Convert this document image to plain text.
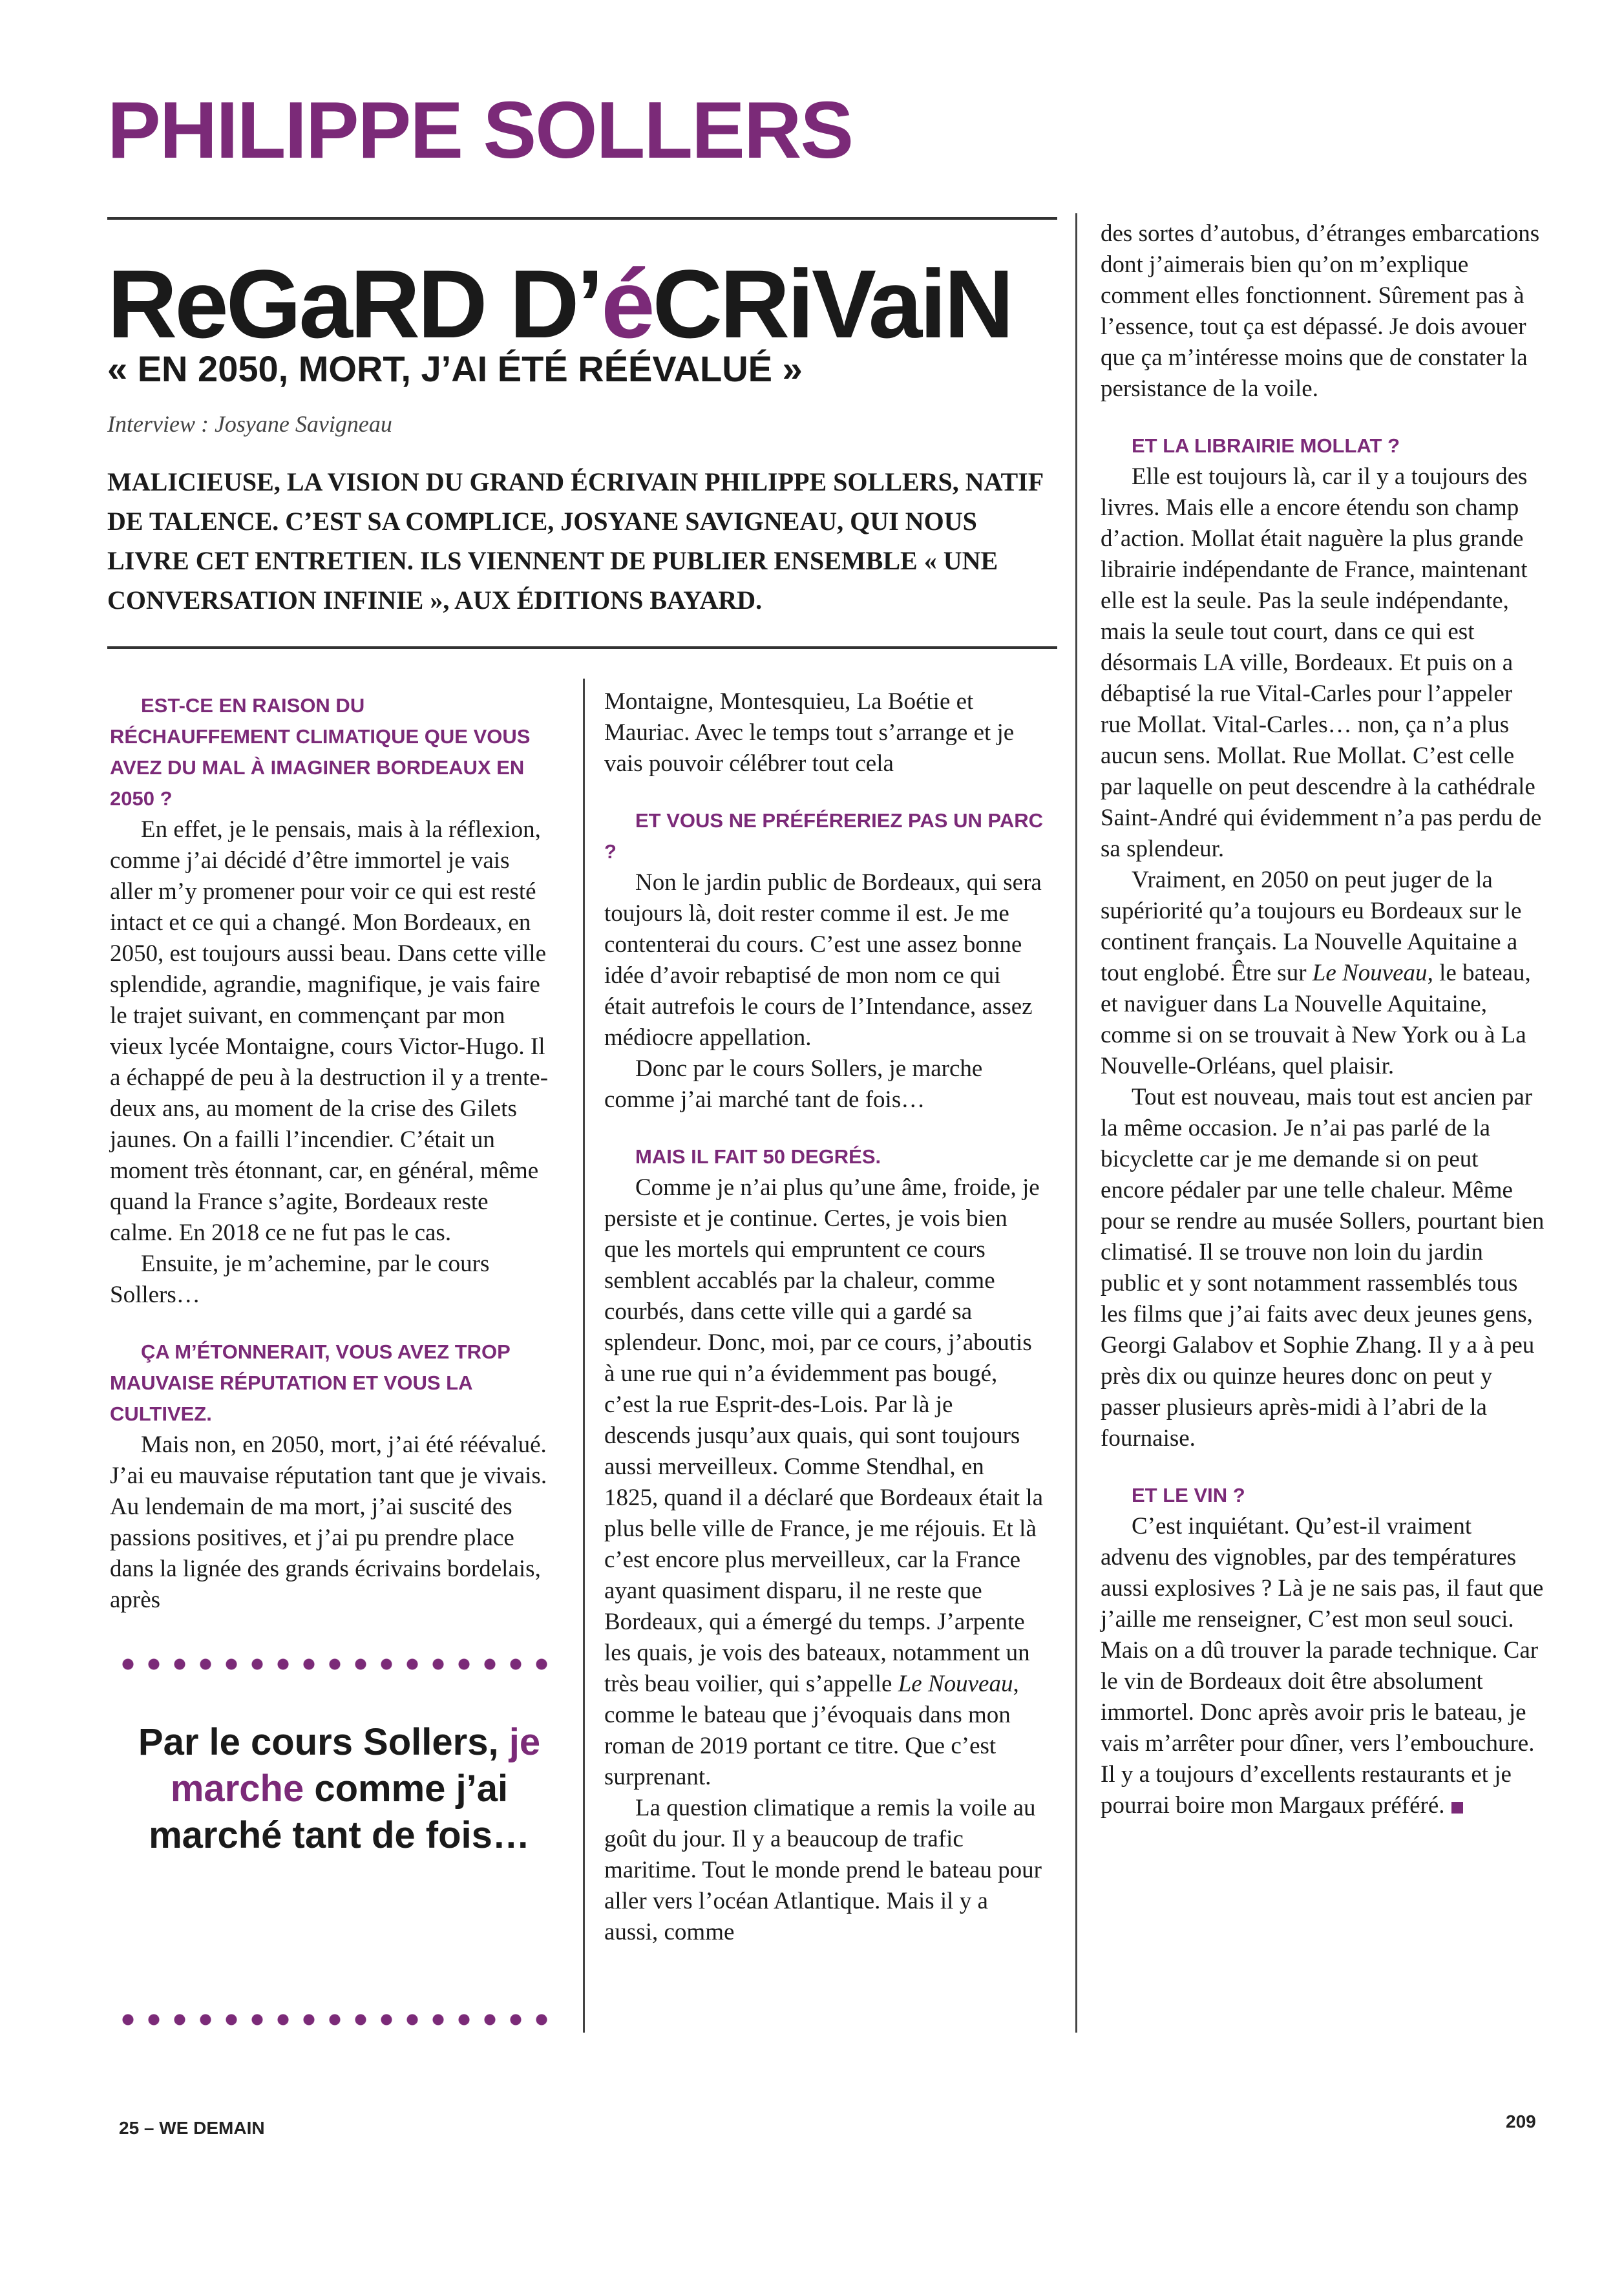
PHILIPPE SOLLERS
ReGaRD D’éCRiVaiN
« EN 2050, MORT, J’AI ÉTÉ RÉÉVALUÉ »
Interview : Josyane Savigneau
MALICIEUSE, LA VISION DU GRAND ÉCRIVAIN PHILIPPE SOLLERS, NATIF DE TALENCE. C’EST SA COMPLICE, JOSYANE SAVIGNEAU, QUI NOUS LIVRE CET ENTRETIEN. ILS VIENNENT DE PUBLIER ENSEMBLE « UNE CONVERSATION INFINIE », AUX ÉDITIONS BAYARD.

EST-CE EN RAISON DU RÉCHAUFFEMENT CLIMATIQUE QUE VOUS AVEZ DU MAL À IMAGINER BORDEAUX EN 2050 ?

En effet, je le pensais, mais à la réflexion, comme j’ai décidé d’être immortel je vais aller m’y promener pour voir ce qui est resté intact et ce qui a changé. Mon Bordeaux, en 2050, est toujours aussi beau. Dans cette ville splendide, agrandie, magnifique, je vais faire le trajet suivant, en commençant par mon vieux lycée Montaigne, cours Victor-Hugo. Il a échappé de peu à la destruction il y a trente-deux ans, au moment de la crise des Gilets jaunes. On a failli l’incendier. C’était un moment très étonnant, car, en général, même quand la France s’agite, Bordeaux reste calme. En 2018 ce ne fut pas le cas.

Ensuite, je m’achemine, par le cours Sollers…

ÇA M’ÉTONNERAIT, VOUS AVEZ TROP MAUVAISE RÉPUTATION ET VOUS LA CULTIVEZ.

Mais non, en 2050, mort, j’ai été réévalué. J’ai eu mauvaise réputation tant que je vivais. Au lendemain de ma mort, j’ai suscité des passions positives, et j’ai pu prendre place dans la lignée des grands écrivains bordelais, après

Par le cours Sollers, je marche comme j’ai marché tant de fois…

Montaigne, Montesquieu, La Boétie et Mauriac. Avec le temps tout s’arrange et je vais pouvoir célébrer tout cela

ET VOUS NE PRÉFÉRERIEZ PAS UN PARC ?

Non le jardin public de Bordeaux, qui sera toujours là, doit rester comme il est. Je me contenterai du cours. C’est une assez bonne idée d’avoir rebaptisé de mon nom ce qui était autrefois le cours de l’Intendance, assez médiocre appellation.

Donc par le cours Sollers, je marche comme j’ai marché tant de fois…

MAIS IL FAIT 50 DEGRÉS.

Comme je n’ai plus qu’une âme, froide, je persiste et je continue. Certes, je vois bien que les mortels qui empruntent ce cours semblent accablés par la chaleur, comme courbés, dans cette ville qui a gardé sa splendeur. Donc, moi, par ce cours, j’aboutis à une rue qui n’a évidemment pas bougé, c’est la rue Esprit-des-Lois. Par là je descends jusqu’aux quais, qui sont toujours aussi merveilleux. Comme Stendhal, en 1825, quand il a déclaré que Bordeaux était la plus belle ville de France, je me réjouis. Et là c’est encore plus merveilleux, car la France ayant quasiment disparu, il ne reste que Bordeaux, qui a émergé du temps. J’arpente les quais, je vois des bateaux, notamment un très beau voilier, qui s’appelle Le Nouveau, comme le bateau que j’évoquais dans mon roman de 2019 portant ce titre. Que c’est surprenant.

La question climatique a remis la voile au goût du jour. Il y a beaucoup de trafic maritime. Tout le monde prend le bateau pour aller vers l’océan Atlantique. Mais il y a aussi, comme

des sortes d’autobus, d’étranges embarcations dont j’aimerais bien qu’on m’explique comment elles fonctionnent. Sûrement pas à l’essence, tout ça est dépassé. Je dois avouer que ça m’intéresse moins que de constater la persistance de la voile.

ET LA LIBRAIRIE MOLLAT ?

Elle est toujours là, car il y a toujours des livres. Mais elle a encore étendu son champ d’action. Mollat était naguère la plus grande librairie indépendante de France, maintenant elle est la seule. Pas la seule indépendante, mais la seule tout court, dans ce qui est désormais LA ville, Bordeaux. Et puis on a débaptisé la rue Vital-Carles pour l’appeler rue Mollat. Vital-Carles… non, ça n’a plus aucun sens. Mollat. Rue Mollat. C’est celle par laquelle on peut descendre à la cathédrale Saint-André qui évidemment n’a pas perdu de sa splendeur.

Vraiment, en 2050 on peut juger de la supériorité qu’a toujours eu Bordeaux sur le continent français. La Nouvelle Aquitaine a tout englobé. Être sur Le Nouveau, le bateau, et naviguer dans La Nouvelle Aquitaine, comme si on se trouvait à New York ou à La Nouvelle-Orléans, quel plaisir.

Tout est nouveau, mais tout est ancien par la même occasion. Je n’ai pas parlé de la bicyclette car je me demande si on peut encore pédaler par une telle chaleur. Même pour se rendre au musée Sollers, pourtant bien climatisé. Il se trouve non loin du jardin public et y sont notamment rassemblés tous les films que j’ai faits avec deux jeunes gens, Georgi Galabov et Sophie Zhang. Il y a à peu près dix ou quinze heures donc on peut y passer plusieurs après-midi à l’abri de la fournaise.

ET LE VIN ?

C’est inquiétant. Qu’est-il vraiment advenu des vignobles, par des températures aussi explosives ? Là je ne sais pas, il faut que j’aille me renseigner, C’est mon seul souci. Mais on a dû trouver la parade technique. Car le vin de Bordeaux doit être absolument immortel. Donc après avoir pris le bateau, je vais m’arrêter pour dîner, vers l’embouchure. Il y a toujours d’excellents restaurants et je pourrai boire mon Margaux préféré.

25 – WE DEMAIN	209
